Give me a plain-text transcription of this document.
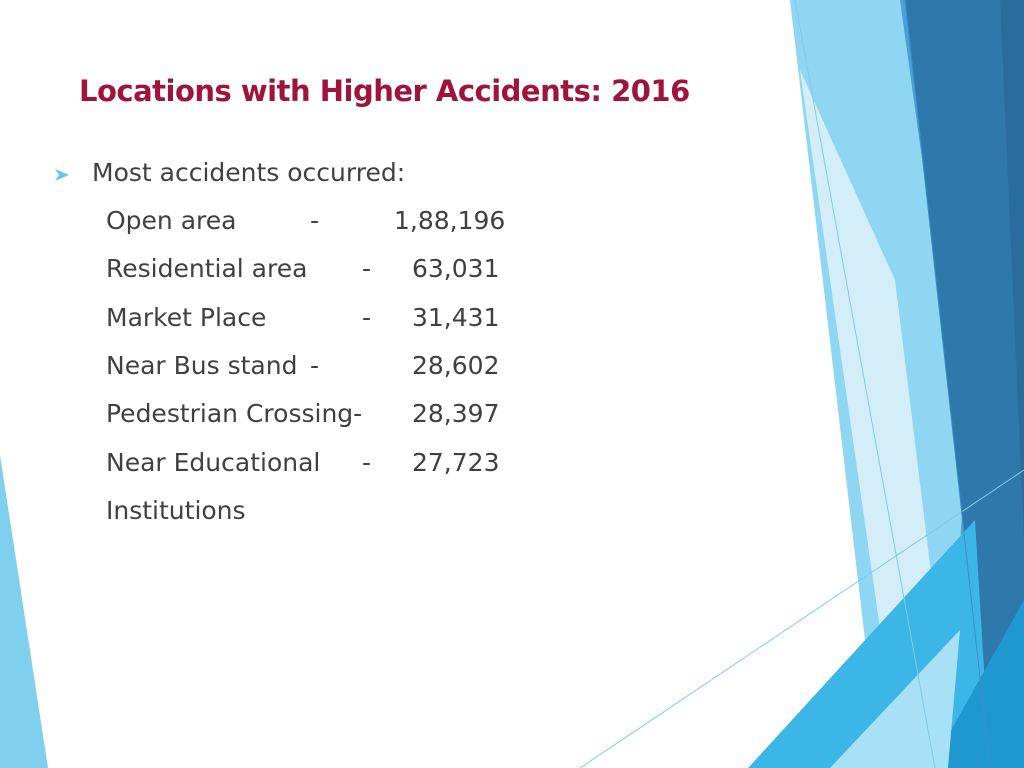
Locations with Higher Accidents: 2016
Most accidents occurred:
Open area	-	1,88,196
Residential area - 63,031
Market Place	- 31,431
Near Bus stand -	28,602
Pedestrian Crossing- 28,397
Near Educational - 27,723
Institutions
